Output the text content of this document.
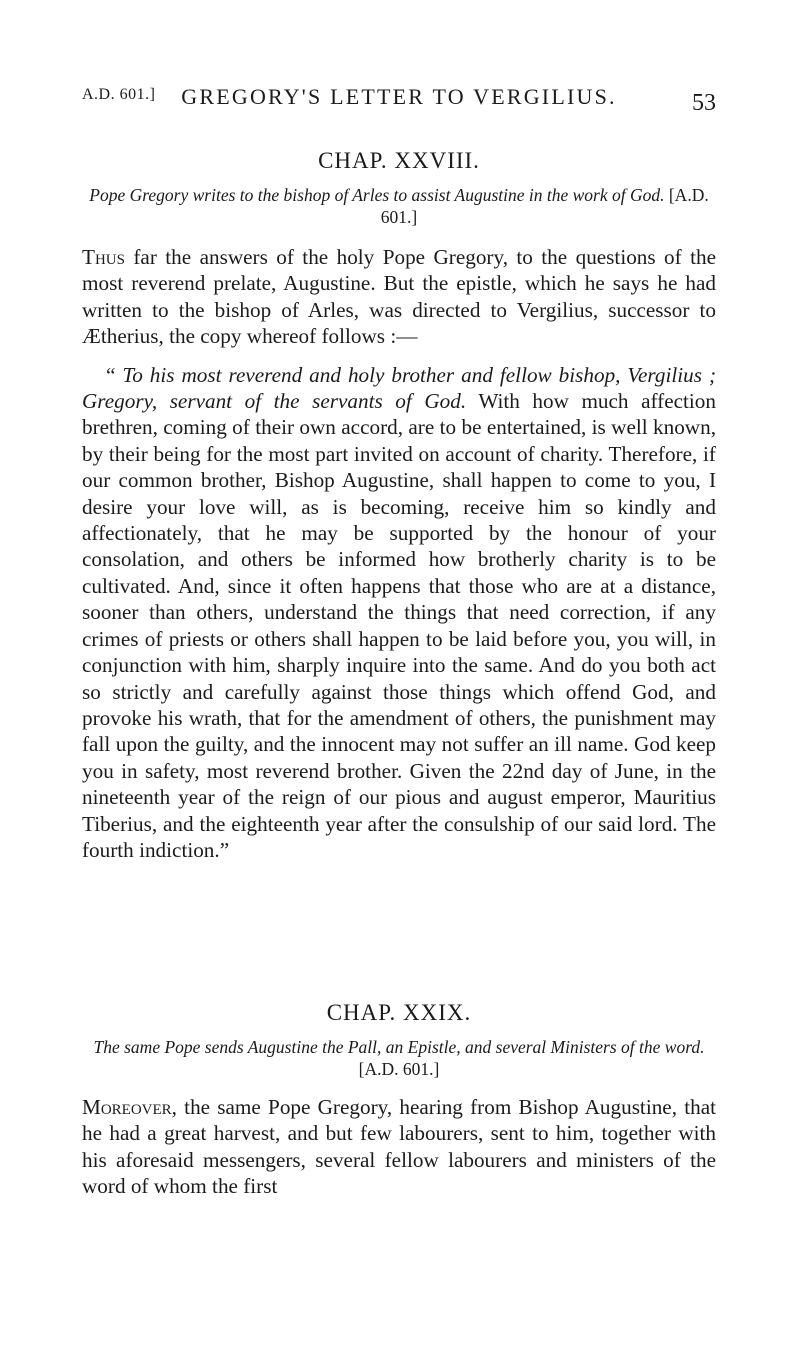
A.D. 601.]	GREGORY'S LETTER TO VERGILIUS.	53
CHAP. XXVIII.
Pope Gregory writes to the bishop of Arles to assist Augustine in the work of God. [A.D. 601.]

Thus far the answers of the holy Pope Gregory, to the questions of the most reverend prelate, Augustine. But the epistle, which he says he had written to the bishop of Arles, was directed to Vergilius, successor to Ætherius, the copy whereof follows :—

“ To his most reverend and holy brother and fellow bishop, Vergilius ; Gregory, servant of the servants of God. With how much affection brethren, coming of their own accord, are to be entertained, is well known, by their being for the most part invited on account of charity. Therefore, if our common brother, Bishop Augustine, shall happen to come to you, I desire your love will, as is becoming, receive him so kindly and affectionately, that he may be supported by the honour of your consolation, and others be informed how brotherly charity is to be cultivated. And, since it often happens that those who are at a distance, sooner than others, understand the things that need correction, if any crimes of priests or others shall happen to be laid before you, you will, in conjunction with him, sharply inquire into the same. And do you both act so strictly and carefully against those things which offend God, and provoke his wrath, that for the amendment of others, the punishment may fall upon the guilty, and the innocent may not suffer an ill name. God keep you in safety, most reverend brother. Given the 22nd day of June, in the nineteenth year of the reign of our pious and august emperor, Mauritius Tiberius, and the eighteenth year after the consulship of our said lord. The fourth indiction.”

CHAP. XXIX.
The same Pope sends Augustine the Pall, an Epistle, and several Ministers of the word. [A.D. 601.]

Moreover, the same Pope Gregory, hearing from Bishop Augustine, that he had a great harvest, and but few labourers, sent to him, together with his aforesaid messengers, several fellow labourers and ministers of the word of whom the first
